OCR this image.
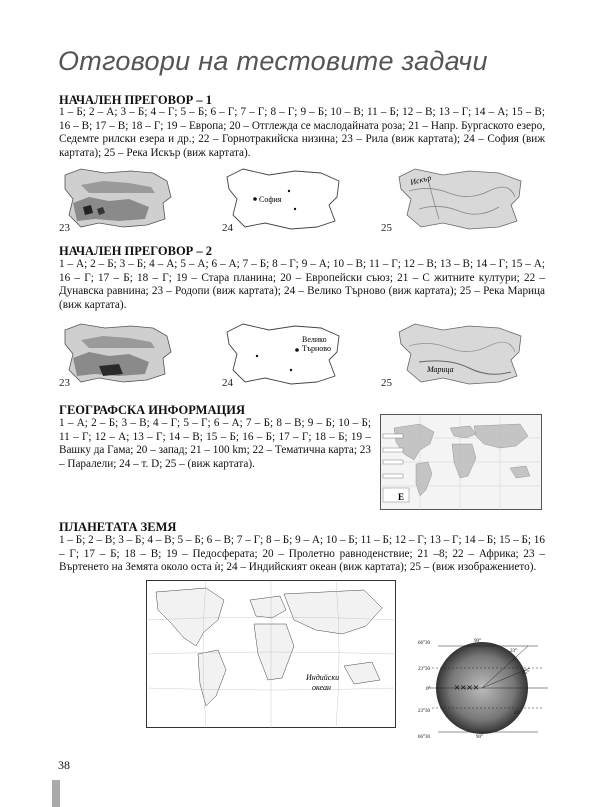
Отговори на тестовите задачи
НАЧАЛЕН ПРЕГОВОР – 1
1 – Б; 2 – А; 3 – Б; 4 – Г; 5 – Б; 6 – Г; 7 – Г; 8 – Г; 9 – Б; 10 – В; 11 – Б; 12 – В; 13 – Г; 14 – А; 15 – В; 16 – В; 17 – В; 18 – Г; 19 – Европа; 20 – Отглежда се маслодайната роза; 21 – Напр. Бургаското езеро, Седемте рилски езера и др.; 22 – Горнотракийска низина; 23 – Рила (виж картата); 24 – София (виж картата); 25 – Река Искър (виж картата).
София
Искър
23	24	25
НАЧАЛЕН ПРЕГОВОР – 2
1 – А; 2 – Б; 3 – Б; 4 – А; 5 – А; 6 – А; 7 – Б; 8 – Г; 9 – А; 10 – В; 11 – Г; 12 – В; 13 – В; 14 – Г; 15 – А; 16 – Г; 17 – Б; 18 – Г; 19 – Стара планина; 20 – Европейски съюз; 21 – С житните култури; 22 – Дунавска равнина; 23 – Родопи (виж картата); 24 – Велико Търново (виж картата); 25 – Река Марица (виж картата).
Велико
Търново
Марица
23	24	25
ГЕОГРАФСКА ИНФОРМАЦИЯ
1 – А; 2 – Б; 3 – В; 4 – Г; 5 – Г; 6 – А; 7 – Б; 8 – В; 9 – Б; 10 – Б; 11 – Г; 12 – А; 13 – Г; 14 – В; 15 – Б; 16 – Б; 17 – Г; 18 – Б; 19 – Вашку да Гама; 20 – запад; 21 – 100 km; 22 – Тематична карта; 23 – Паралели; 24 – т. D; 25 – (виж картата).
E
ПЛАНЕТАТА ЗЕМЯ
1 – Б; 2 – В; 3 – Б; 4 – В; 5 – Б; 6 – В; 7 – Г; 8 – Б; 9 – А; 10 – Б; 11 – Б; 12 – Г; 13 – Г; 14 – Б; 15 – Б; 16 – Г; 17 – Б; 18 – В; 19 – Педосферата; 20 – Пролетно равноденствие; 21 –8; 22 – Африка; 23 – Въртенето на Земята около оста ѝ; 24 – Индийският океан (виж картата); 25 – (виж изображението).
Индийски
океан	××××
66°30
23°30
0°
23°30
66°30
90°
23°
45°
23°
90°
38
